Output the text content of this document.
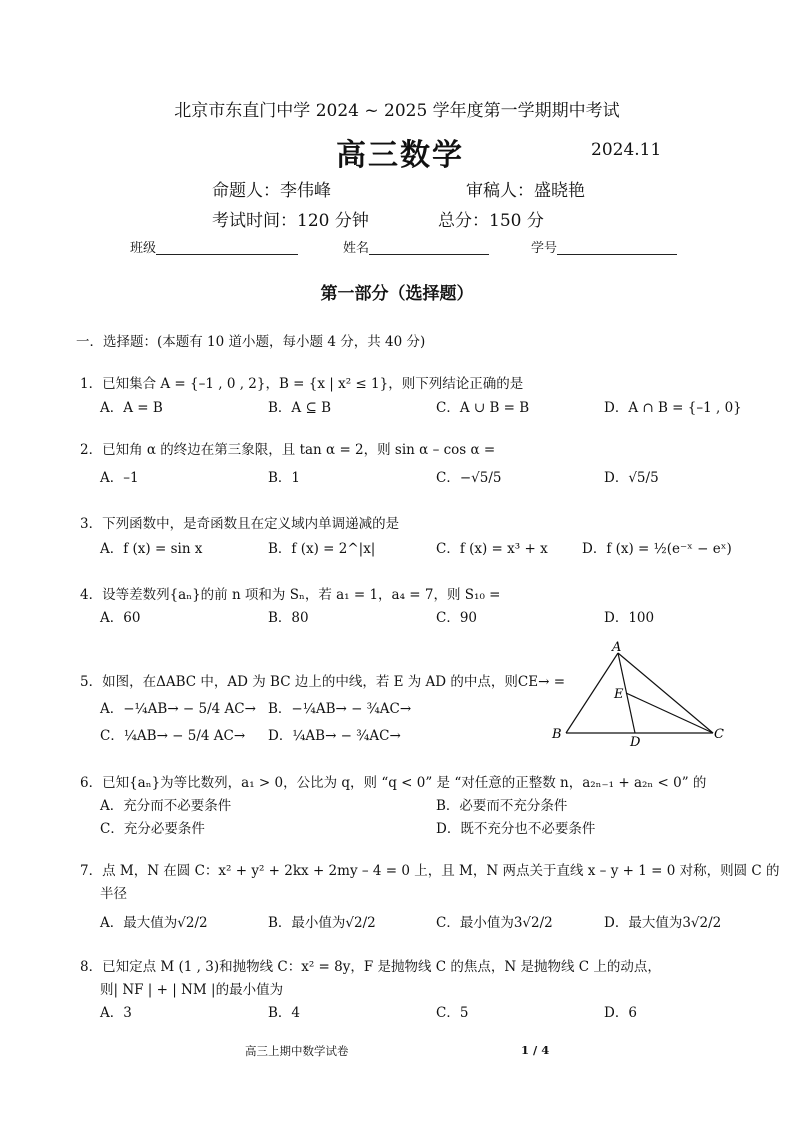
北京市东直门中学 2024 ~ 2025 学年度第一学期期中考试
高三数学	2024.11
命题人：李伟峰	审稿人：盛晓艳
考试时间：120 分钟	总分：150 分
班级	姓名	学号
第一部分（选择题）
一．选择题：(本题有 10 道小题，每小题 4 分，共 40 分)
1．已知集合 A = {–1 , 0 , 2}，B = {x | x² ≤ 1}，则下列结论正确的是
A．A = B	B．A ⊆ B	C．A ∪ B = B	D．A ∩ B = {–1 , 0}
2．已知角 α 的终边在第三象限，且 tan α = 2，则 sin α – cos α =
A．–1	B．1	C．−√5/5	D．√5/5
3．下列函数中，是奇函数且在定义域内单调递减的是
A．f (x) = sin x	B．f (x) = 2^|x|	C．f (x) = x³ + x	D．f (x) = ½(e⁻ˣ − eˣ)
4．设等差数列{aₙ}的前 n 项和为 Sₙ，若 a₁ = 1，a₄ = 7，则 S₁₀ =
A．60	B．80	C．90	D．100
5．如图，在ΔABC 中，AD 为 BC 边上的中线，若 E 为 AD 的中点，则CE→ =
A．−¼AB→ − 5/4 AC→ B．−¼AB→ − ¾AC→
C．¼AB→ − 5/4 AC→ D．¼AB→ − ¾AC→
A
B	C
D
E
6．已知{aₙ}为等比数列，a₁ > 0，公比为 q，则 “q < 0” 是 “对任意的正整数 n，a₂ₙ₋₁ + a₂ₙ < 0” 的
A．充分而不必要条件	B．必要而不充分条件
C．充分必要条件	D．既不充分也不必要条件
7．点 M，N 在圆 C：x² + y² + 2kx + 2my – 4 = 0 上，且 M，N 两点关于直线 x – y + 1 = 0 对称，则圆 C 的
半径
A．最大值为√2/2	B．最小值为√2/2	C．最小值为3√2/2	D．最大值为3√2/2
8．已知定点 M (1 , 3)和抛物线 C：x² = 8y，F 是抛物线 C 的焦点，N 是抛物线 C 上的动点，
则| NF | + | NM |的最小值为
A．3	B．4	C．5	D．6
高三上期中数学试卷	1 / 4
